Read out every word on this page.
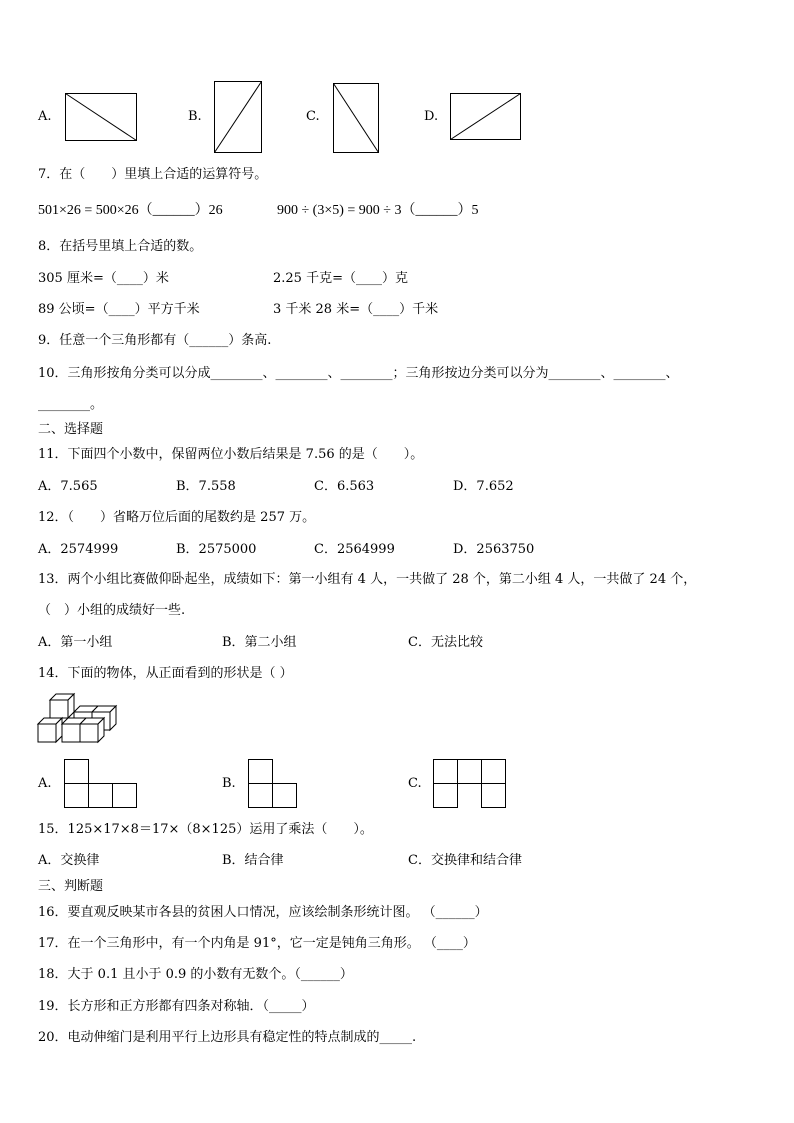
A.	B.	C.	D.
7．在（　　）里填上合适的运算符号。
501×26 = 500×26（______）26	900 ÷ (3×5) = 900 ÷ 3（______）5
8．在括号里填上合适的数。
305 厘米=（____）米	2.25 千克=（____）克
89 公顷=（____）平方千米	3 千米 28 米=（____）千米
9．任意一个三角形都有（______）条高.
10．三角形按角分类可以分成________、________、________；三角形按边分类可以分为________、________、
________。
二、选择题
11．下面四个小数中，保留两位小数后结果是 7.56 的是（　　）。
A．7.565	B．7.558	C．6.563	D．7.652
12．（　　）省略万位后面的尾数约是 257 万。
A．2574999	B．2575000	C．2564999	D．2563750
13．两个小组比赛做仰卧起坐，成绩如下：第一小组有 4 人，一共做了 28 个，第二小组 4 人，一共做了 24 个，
（　）小组的成绩好一些.
A．第一小组	B．第二小组	C．无法比较
14．下面的物体，从正面看到的形状是（ ）
A.	B.	C.
15．125×17×8＝17×（8×125）运用了乘法（　　）。
A．交换律	B．结合律	C．交换律和结合律
三、判断题
16．要直观反映某市各县的贫困人口情况，应该绘制条形统计图。 （______）
17．在一个三角形中，有一个内角是 91°，它一定是钝角三角形。 （____）
18．大于 0.1 且小于 0.9 的小数有无数个。（______）
19．长方形和正方形都有四条对称轴．（_____）
20．电动伸缩门是利用平行上边形具有稳定性的特点制成的_____.
